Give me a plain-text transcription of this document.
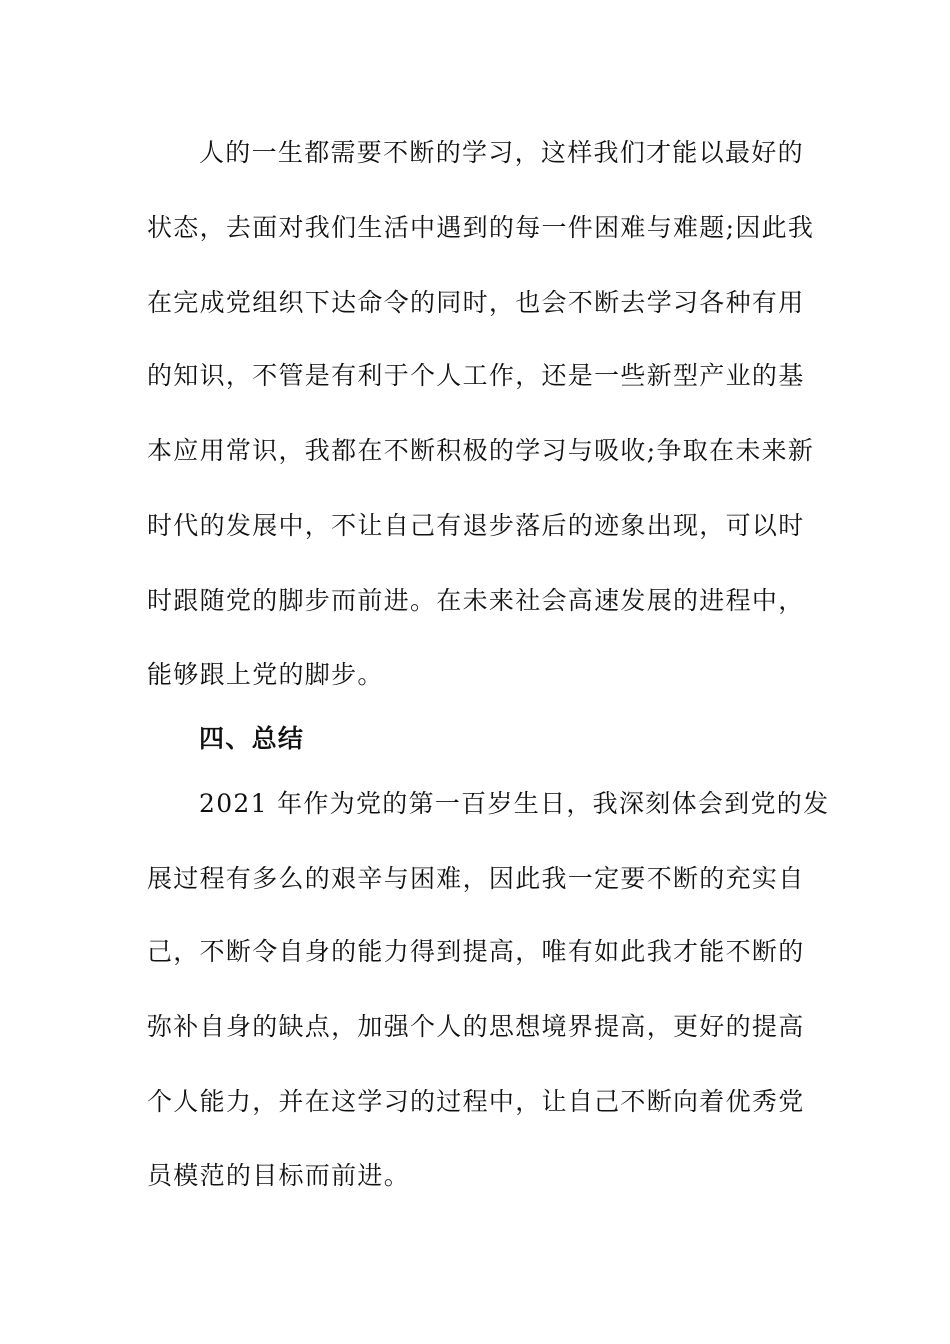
人的一生都需要不断的学习，这样我们才能以最好的
状态，去面对我们生活中遇到的每一件困难与难题;因此我
在完成党组织下达命令的同时，也会不断去学习各种有用
的知识，不管是有利于个人工作，还是一些新型产业的基
本应用常识，我都在不断积极的学习与吸收;争取在未来新
时代的发展中，不让自己有退步落后的迹象出现，可以时
时跟随党的脚步而前进。在未来社会高速发展的进程中，
能够跟上党的脚步。
四、总结
2021 年作为党的第一百岁生日，我深刻体会到党的发
展过程有多么的艰辛与困难，因此我一定要不断的充实自
己，不断令自身的能力得到提高，唯有如此我才能不断的
弥补自身的缺点，加强个人的思想境界提高，更好的提高
个人能力，并在这学习的过程中，让自己不断向着优秀党
员模范的目标而前进。
